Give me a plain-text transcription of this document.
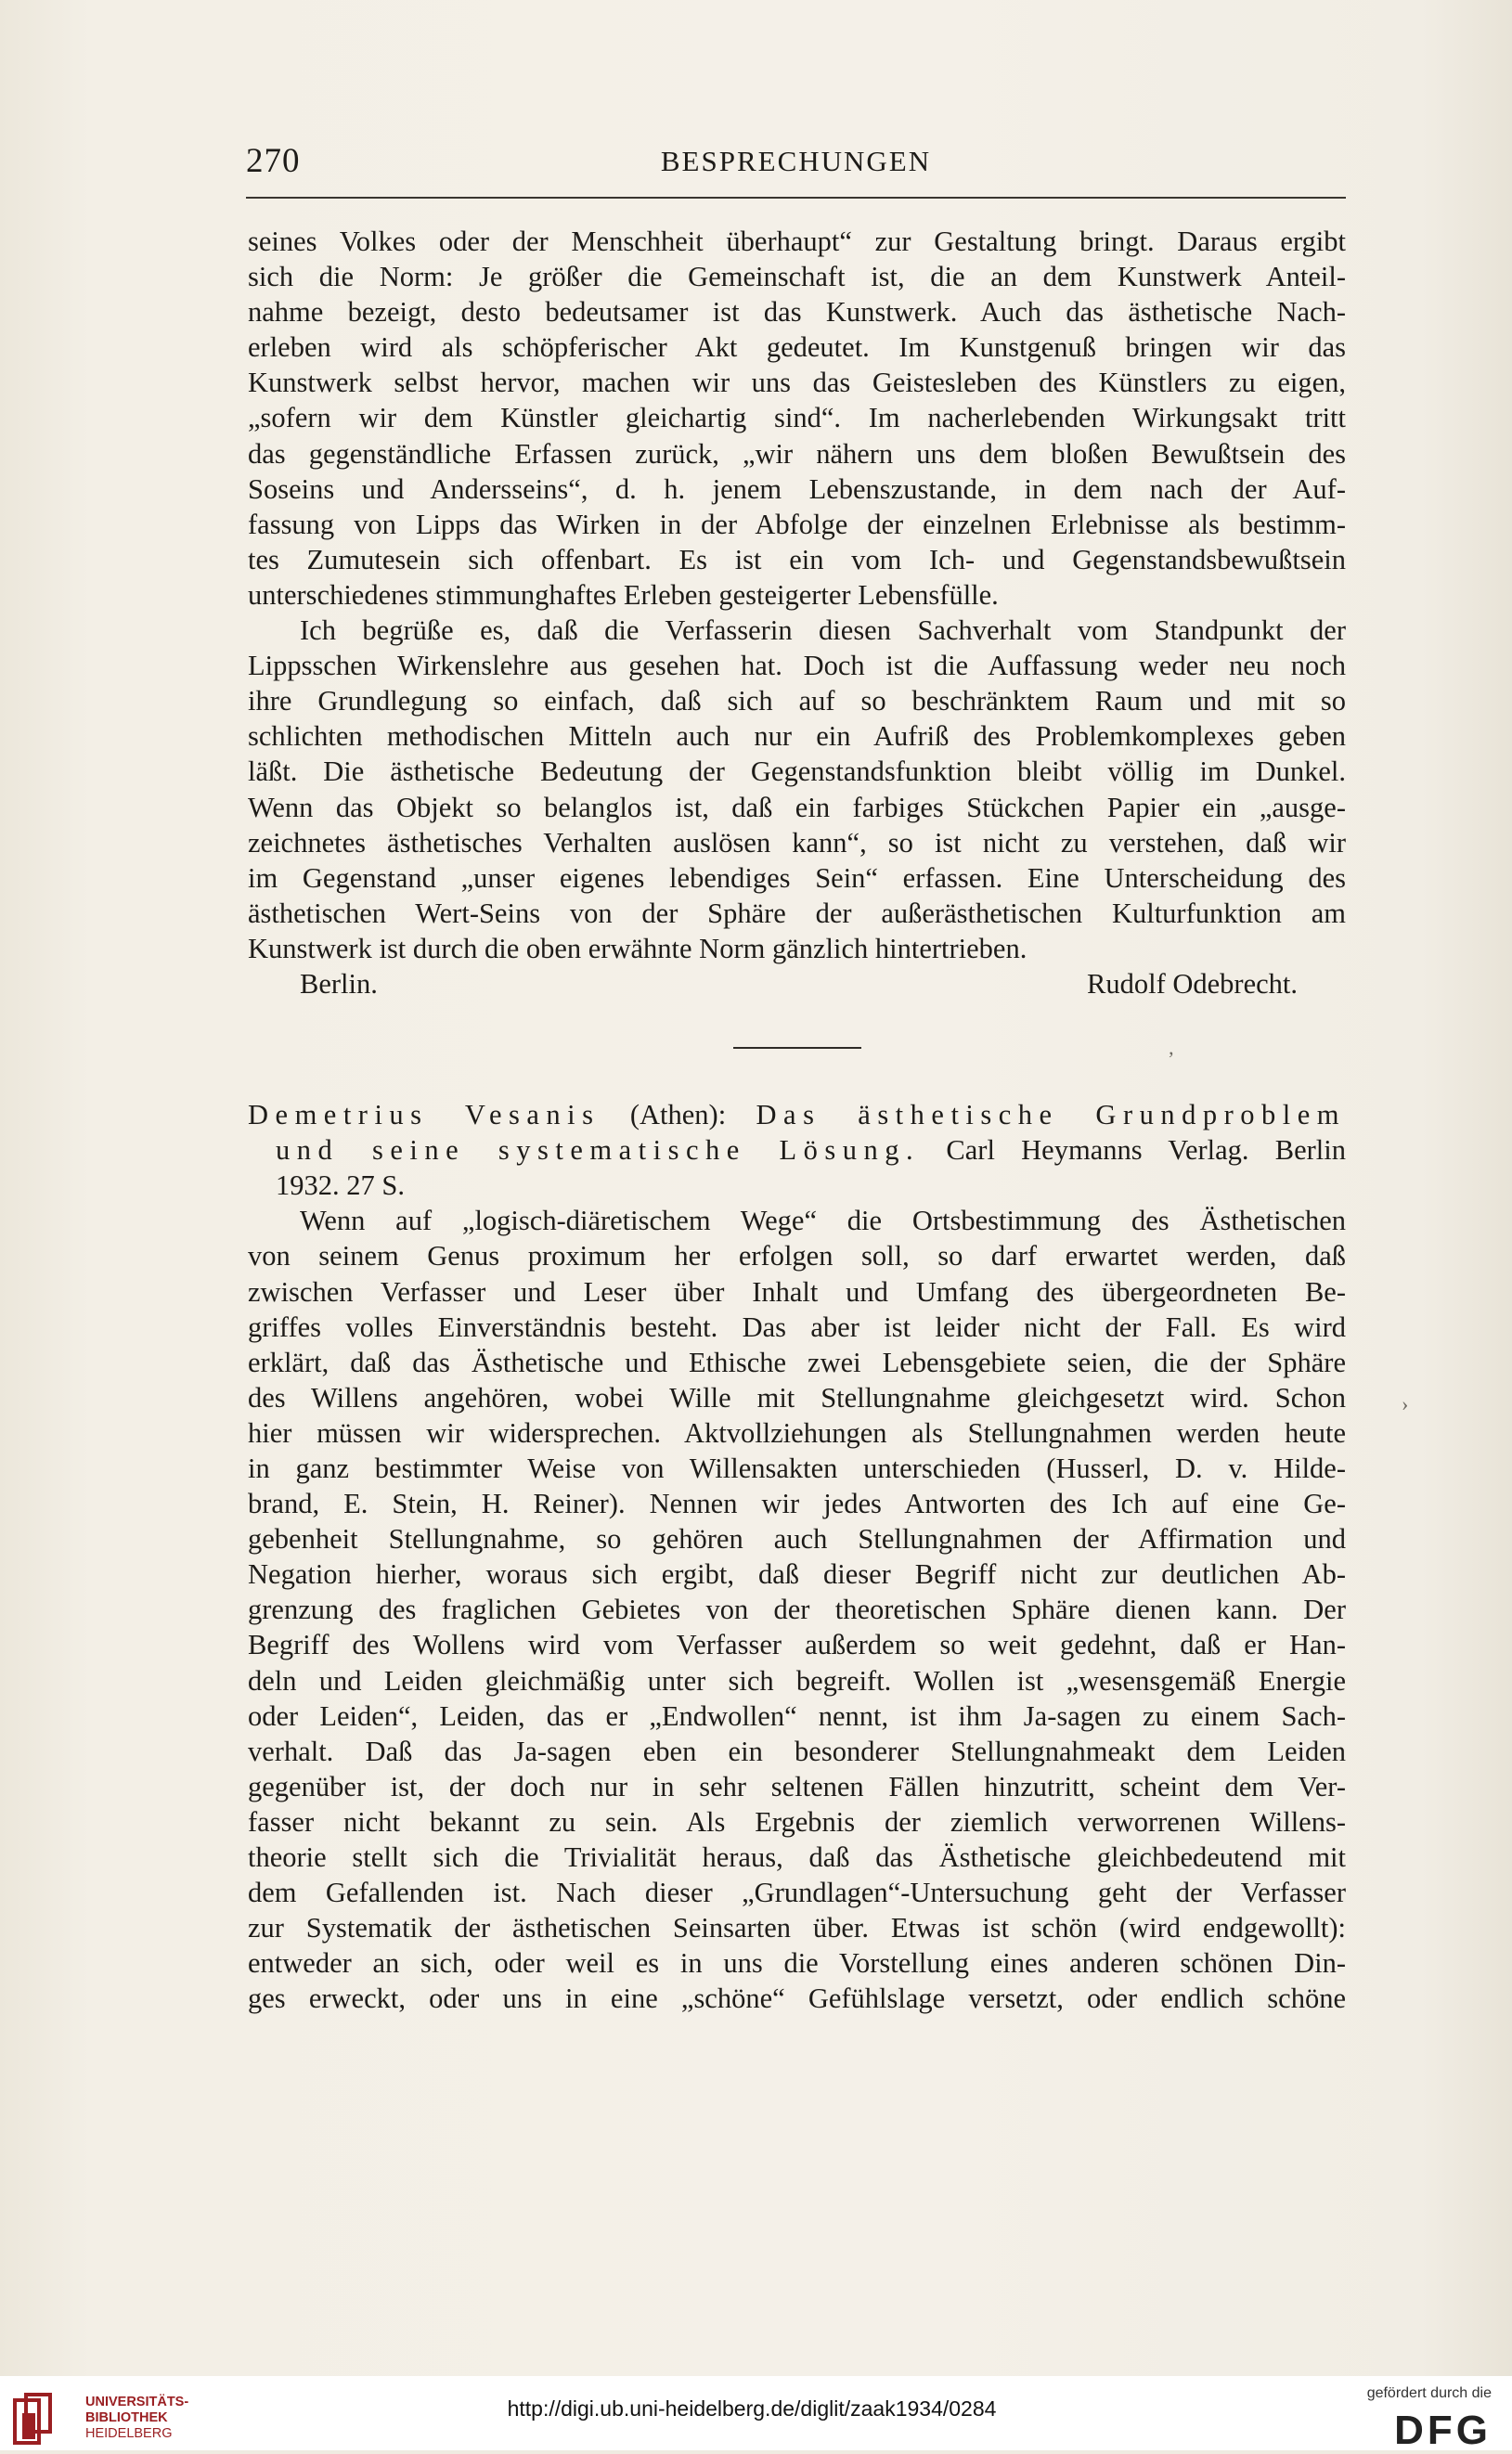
270	BESPRECHUNGEN
seines Volkes oder der Menschheit überhaupt“ zur Gestaltung bringt. Daraus ergibt
sich die Norm: Je größer die Gemeinschaft ist, die an dem Kunstwerk Anteil-
nahme bezeigt, desto bedeutsamer ist das Kunstwerk. Auch das ästhetische Nach-
erleben wird als schöpferischer Akt gedeutet. Im Kunstgenuß bringen wir das
Kunstwerk selbst hervor, machen wir uns das Geistesleben des Künstlers zu eigen,
„sofern wir dem Künstler gleichartig sind“. Im nacherlebenden Wirkungsakt tritt
das gegenständliche Erfassen zurück, „wir nähern uns dem bloßen Bewußtsein des
Soseins und Andersseins“, d. h. jenem Lebenszustande, in dem nach der Auf-
fassung von Lipps das Wirken in der Abfolge der einzelnen Erlebnisse als bestimm-
tes Zumutesein sich offenbart. Es ist ein vom Ich- und Gegenstandsbewußtsein
unterschiedenes stimmunghaftes Erleben gesteigerter Lebensfülle.
Ich begrüße es, daß die Verfasserin diesen Sachverhalt vom Standpunkt der
Lippsschen Wirkenslehre aus gesehen hat. Doch ist die Auffassung weder neu noch
ihre Grundlegung so einfach, daß sich auf so beschränktem Raum und mit so
schlichten methodischen Mitteln auch nur ein Aufriß des Problemkomplexes geben
läßt. Die ästhetische Bedeutung der Gegenstandsfunktion bleibt völlig im Dunkel.
Wenn das Objekt so belanglos ist, daß ein farbiges Stückchen Papier ein „ausge-
zeichnetes ästhetisches Verhalten auslösen kann“, so ist nicht zu verstehen, daß wir
im Gegenstand „unser eigenes lebendiges Sein“ erfassen. Eine Unterscheidung des
ästhetischen Wert-Seins von der Sphäre der außerästhetischen Kulturfunktion am
Kunstwerk ist durch die oben erwähnte Norm gänzlich hintertrieben.
Berlin.	Rudolf Odebrecht.
Demetrius Vesanis (Athen): Das ästhetische Grundproblem
und seine systematische Lösung. Carl Heymanns Verlag. Berlin
1932. 27 S.
Wenn auf „logisch-diäretischem Wege“ die Ortsbestimmung des Ästhetischen
von seinem Genus proximum her erfolgen soll, so darf erwartet werden, daß
zwischen Verfasser und Leser über Inhalt und Umfang des übergeordneten Be-
griffes volles Einverständnis besteht. Das aber ist leider nicht der Fall. Es wird
erklärt, daß das Ästhetische und Ethische zwei Lebensgebiete seien, die der Sphäre
des Willens angehören, wobei Wille mit Stellungnahme gleichgesetzt wird. Schon
hier müssen wir widersprechen. Aktvollziehungen als Stellungnahmen werden heute
in ganz bestimmter Weise von Willensakten unterschieden (Husserl, D. v. Hilde-
brand, E. Stein, H. Reiner). Nennen wir jedes Antworten des Ich auf eine Ge-
gebenheit Stellungnahme, so gehören auch Stellungnahmen der Affirmation und
Negation hierher, woraus sich ergibt, daß dieser Begriff nicht zur deutlichen Ab-
grenzung des fraglichen Gebietes von der theoretischen Sphäre dienen kann. Der
Begriff des Wollens wird vom Verfasser außerdem so weit gedehnt, daß er Han-
deln und Leiden gleichmäßig unter sich begreift. Wollen ist „wesensgemäß Energie
oder Leiden“, Leiden, das er „Endwollen“ nennt, ist ihm Ja-sagen zu einem Sach-
verhalt. Daß das Ja-sagen eben ein besonderer Stellungnahmeakt dem Leiden
gegenüber ist, der doch nur in sehr seltenen Fällen hinzutritt, scheint dem Ver-
fasser nicht bekannt zu sein. Als Ergebnis der ziemlich verworrenen Willens-
theorie stellt sich die Trivialität heraus, daß das Ästhetische gleichbedeutend mit
dem Gefallenden ist. Nach dieser „Grundlagen“-Untersuchung geht der Verfasser
zur Systematik der ästhetischen Seinsarten über. Etwas ist schön (wird endgewollt):
entweder an sich, oder weil es in uns die Vorstellung eines anderen schönen Din-
ges erweckt, oder uns in eine „schöne“ Gefühlslage versetzt, oder endlich schöne
’
›
UNIVERSITÄTS-
BIBLIOTHEK
HEIDELBERG
http://digi.ub.uni-heidelberg.de/diglit/zaak1934/0284
gefördert durch die
DFG
